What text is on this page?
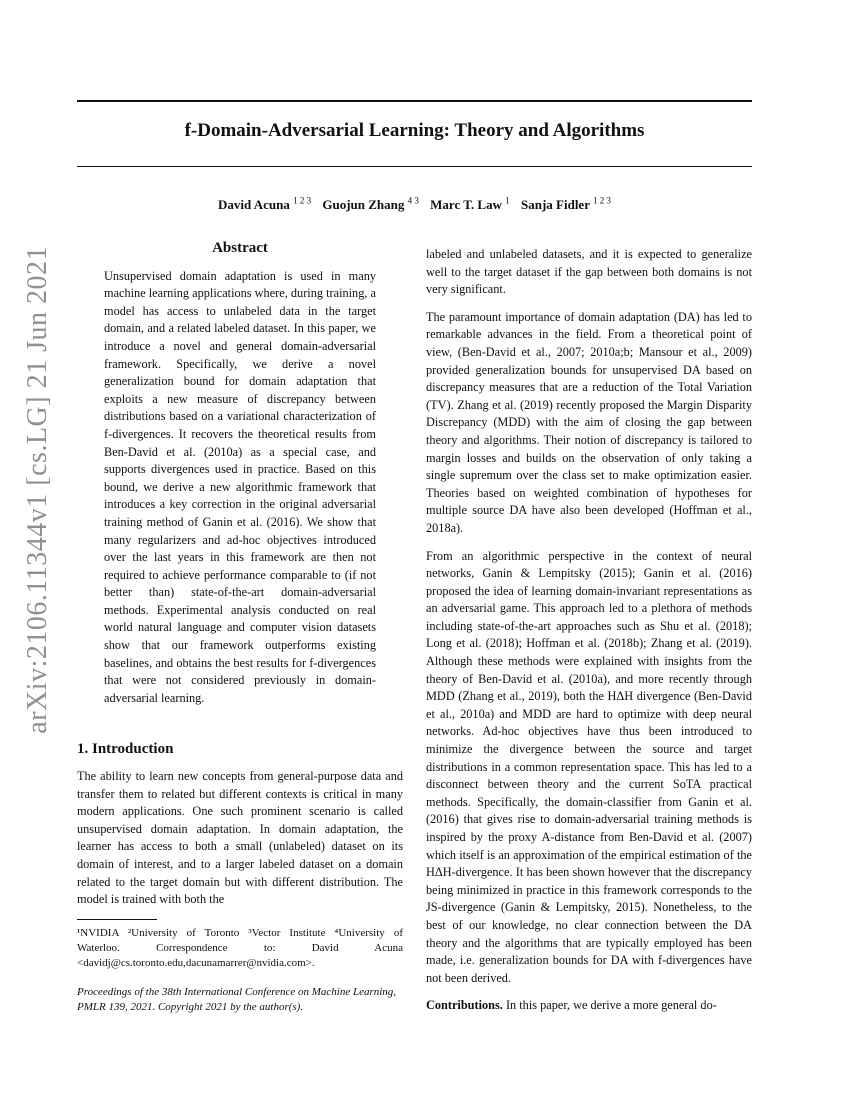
f-Domain-Adversarial Learning: Theory and Algorithms
David Acuna $^{1 2 3}$ Guojun Zhang $^{4 3}$ Marc T. Law $^1$ Sanja Fidler $^{1 2 3}$
arXiv:2106.11344v1 [cs.LG] 21 Jun 2021	Abstract

Unsupervised domain adaptation is used in many machine learning applications where, during training, a model has access to unlabeled data in the target domain, and a related labeled dataset. In this paper, we introduce a novel and general domain-adversarial framework. Specifically, we derive a novel generalization bound for domain adaptation that exploits a new measure of discrepancy between distributions based on a variational characterization of f-divergences. It recovers the theoretical results from Ben-David et al. (2010a) as a special case, and supports divergences used in practice. Based on this bound, we derive a new algorithmic framework that introduces a key correction in the original adversarial training method of Ganin et al. (2016). We show that many regularizers and ad-hoc objectives introduced over the last years in this framework are then not required to achieve performance comparable to (if not better than) state-of-the-art domain-adversarial methods. Experimental analysis conducted on real world natural language and computer vision datasets show that our framework outperforms existing baselines, and obtains the best results for f-divergences that were not considered previously in domain-adversarial learning.

1. Introduction

The ability to learn new concepts from general-purpose data and transfer them to related but different contexts is critical in many modern applications. One such prominent scenario is called unsupervised domain adaptation. In domain adaptation, the learner has access to both a small (unlabeled) dataset on its domain of interest, and to a larger labeled dataset on a domain related to the target domain but with different distribution. The model is trained with both the

¹NVIDIA ²University of Toronto ³Vector Institute ⁴University of Waterloo. Correspondence to: David Acuna <davidj@cs.toronto.edu,dacunamarrer@nvidia.com>.

Proceedings of the 38th International Conference on Machine Learning, PMLR 139, 2021. Copyright 2021 by the author(s).

labeled and unlabeled datasets, and it is expected to generalize well to the target dataset if the gap between both domains is not very significant.

The paramount importance of domain adaptation (DA) has led to remarkable advances in the field. From a theoretical point of view, (Ben-David et al., 2007; 2010a;b; Mansour et al., 2009) provided generalization bounds for unsupervised DA based on discrepancy measures that are a reduction of the Total Variation (TV). Zhang et al. (2019) recently proposed the Margin Disparity Discrepancy (MDD) with the aim of closing the gap between theory and algorithms. Their notion of discrepancy is tailored to margin losses and builds on the observation of only taking a single supremum over the class set to make optimization easier. Theories based on weighted combination of hypotheses for multiple source DA have also been developed (Hoffman et al., 2018a).

From an algorithmic perspective in the context of neural networks, Ganin & Lempitsky (2015); Ganin et al. (2016) proposed the idea of learning domain-invariant representations as an adversarial game. This approach led to a plethora of methods including state-of-the-art approaches such as Shu et al. (2018); Long et al. (2018); Hoffman et al. (2018b); Zhang et al. (2019). Although these methods were explained with insights from the theory of Ben-David et al. (2010a), and more recently through MDD (Zhang et al., 2019), both the HΔH divergence (Ben-David et al., 2010a) and MDD are hard to optimize with deep neural networks. Ad-hoc objectives have thus been introduced to minimize the divergence between the source and target distributions in a common representation space. This has led to a disconnect between theory and the current SoTA practical methods. Specifically, the domain-classifier from Ganin et al. (2016) that gives rise to domain-adversarial training methods is inspired by the proxy A-distance from Ben-David et al. (2007) which itself is an approximation of the empirical estimation of the HΔH-divergence. It has been shown however that the discrepancy being minimized in practice in this framework corresponds to the JS-divergence (Ganin & Lempitsky, 2015). Nonetheless, to the best of our knowledge, no clear connection between the DA theory and the algorithms that are typically employed has been made, i.e. generalization bounds for DA with f-divergences have not been derived.

Contributions. In this paper, we derive a more general do-
